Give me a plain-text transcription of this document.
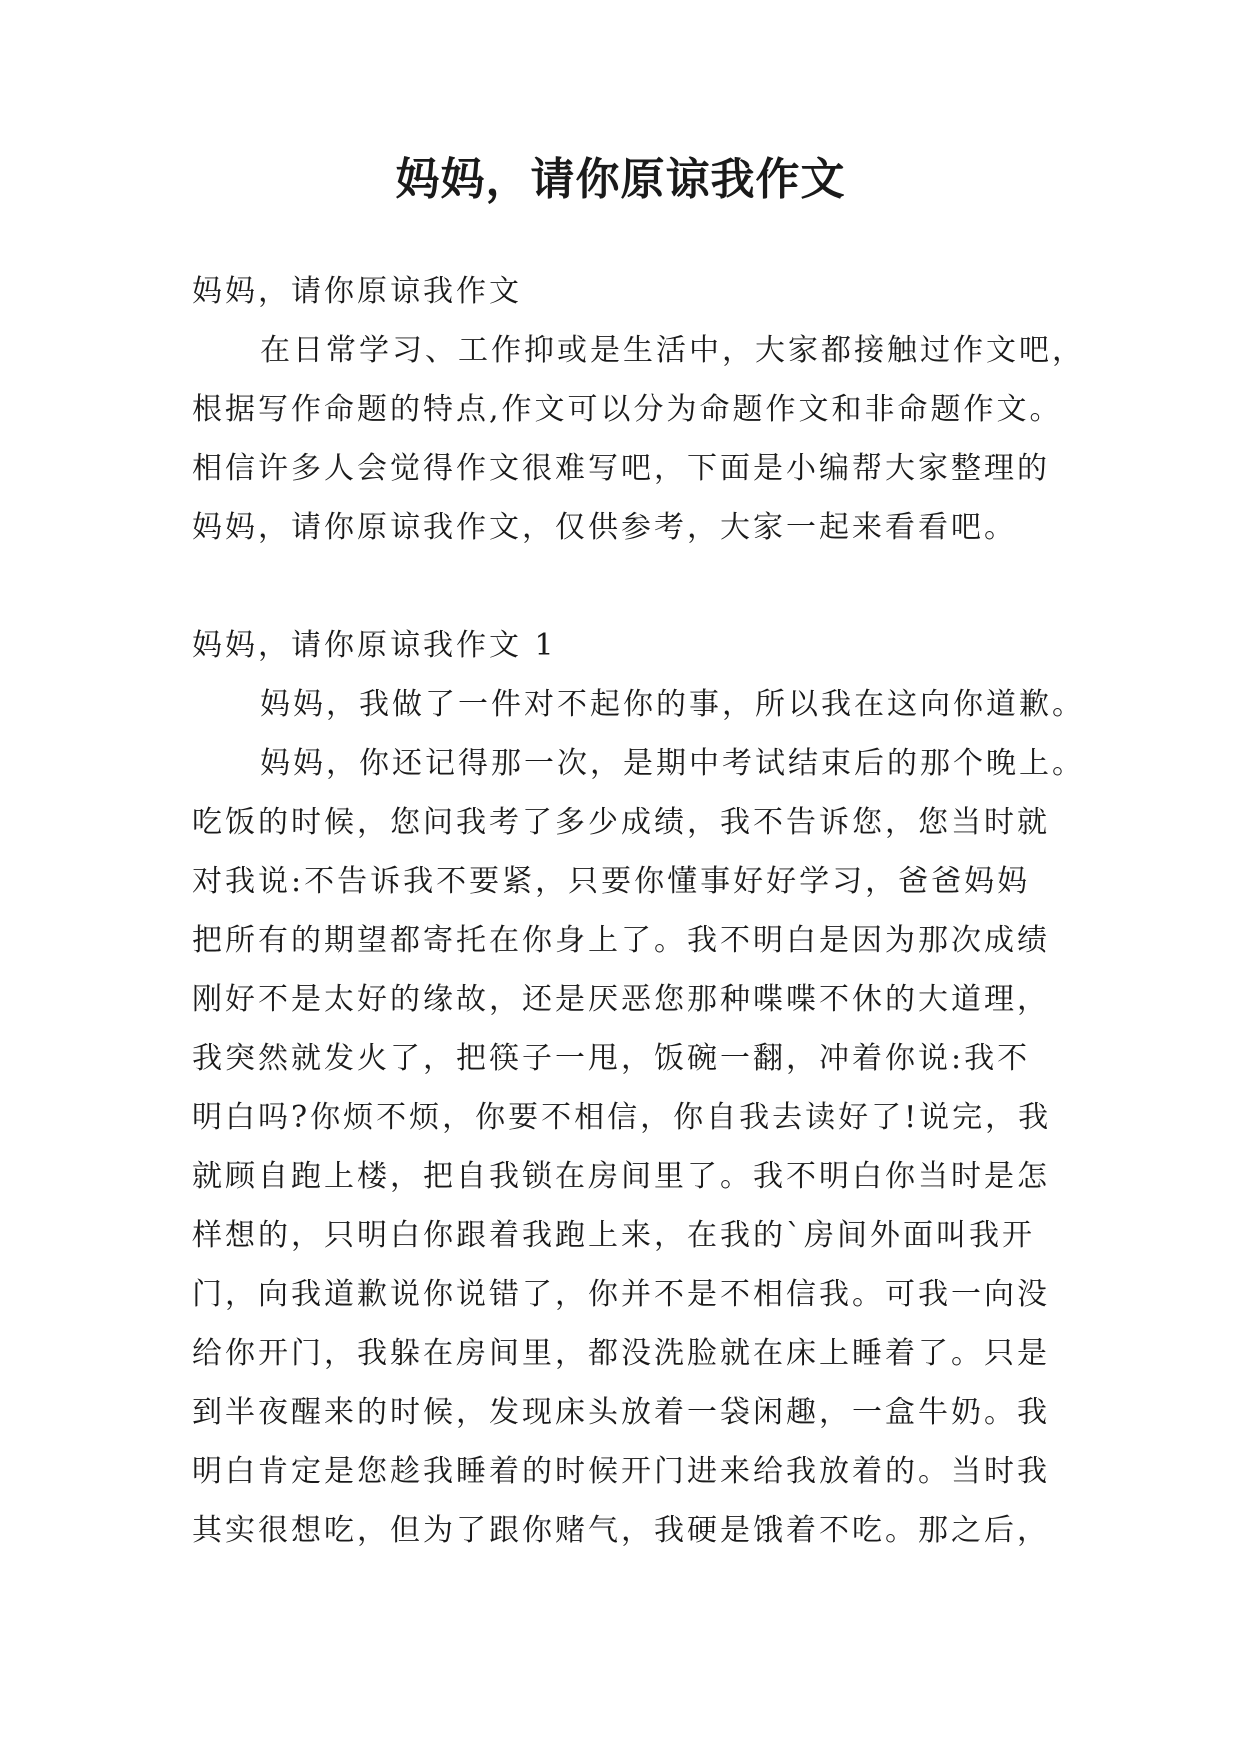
妈妈，请你原谅我作文
妈妈，请你原谅我作文
在日常学习、工作抑或是生活中，大家都接触过作文吧，
根据写作命题的特点,作文可以分为命题作文和非命题作文。
相信许多人会觉得作文很难写吧，下面是小编帮大家整理的
妈妈，请你原谅我作文，仅供参考，大家一起来看看吧。
妈妈，请你原谅我作文 1
妈妈，我做了一件对不起你的事，所以我在这向你道歉。
妈妈，你还记得那一次，是期中考试结束后的那个晚上。
吃饭的时候，您问我考了多少成绩，我不告诉您，您当时就
对我说:不告诉我不要紧，只要你懂事好好学习，爸爸妈妈
把所有的期望都寄托在你身上了。我不明白是因为那次成绩
刚好不是太好的缘故，还是厌恶您那种喋喋不休的大道理，
我突然就发火了，把筷子一甩，饭碗一翻，冲着你说:我不
明白吗?你烦不烦，你要不相信，你自我去读好了!说完，我
就顾自跑上楼，把自我锁在房间里了。我不明白你当时是怎
样想的，只明白你跟着我跑上来，在我的`房间外面叫我开
门，向我道歉说你说错了，你并不是不相信我。可我一向没
给你开门，我躲在房间里，都没洗脸就在床上睡着了。只是
到半夜醒来的时候，发现床头放着一袋闲趣，一盒牛奶。我
明白肯定是您趁我睡着的时候开门进来给我放着的。当时我
其实很想吃，但为了跟你赌气，我硬是饿着不吃。那之后，
